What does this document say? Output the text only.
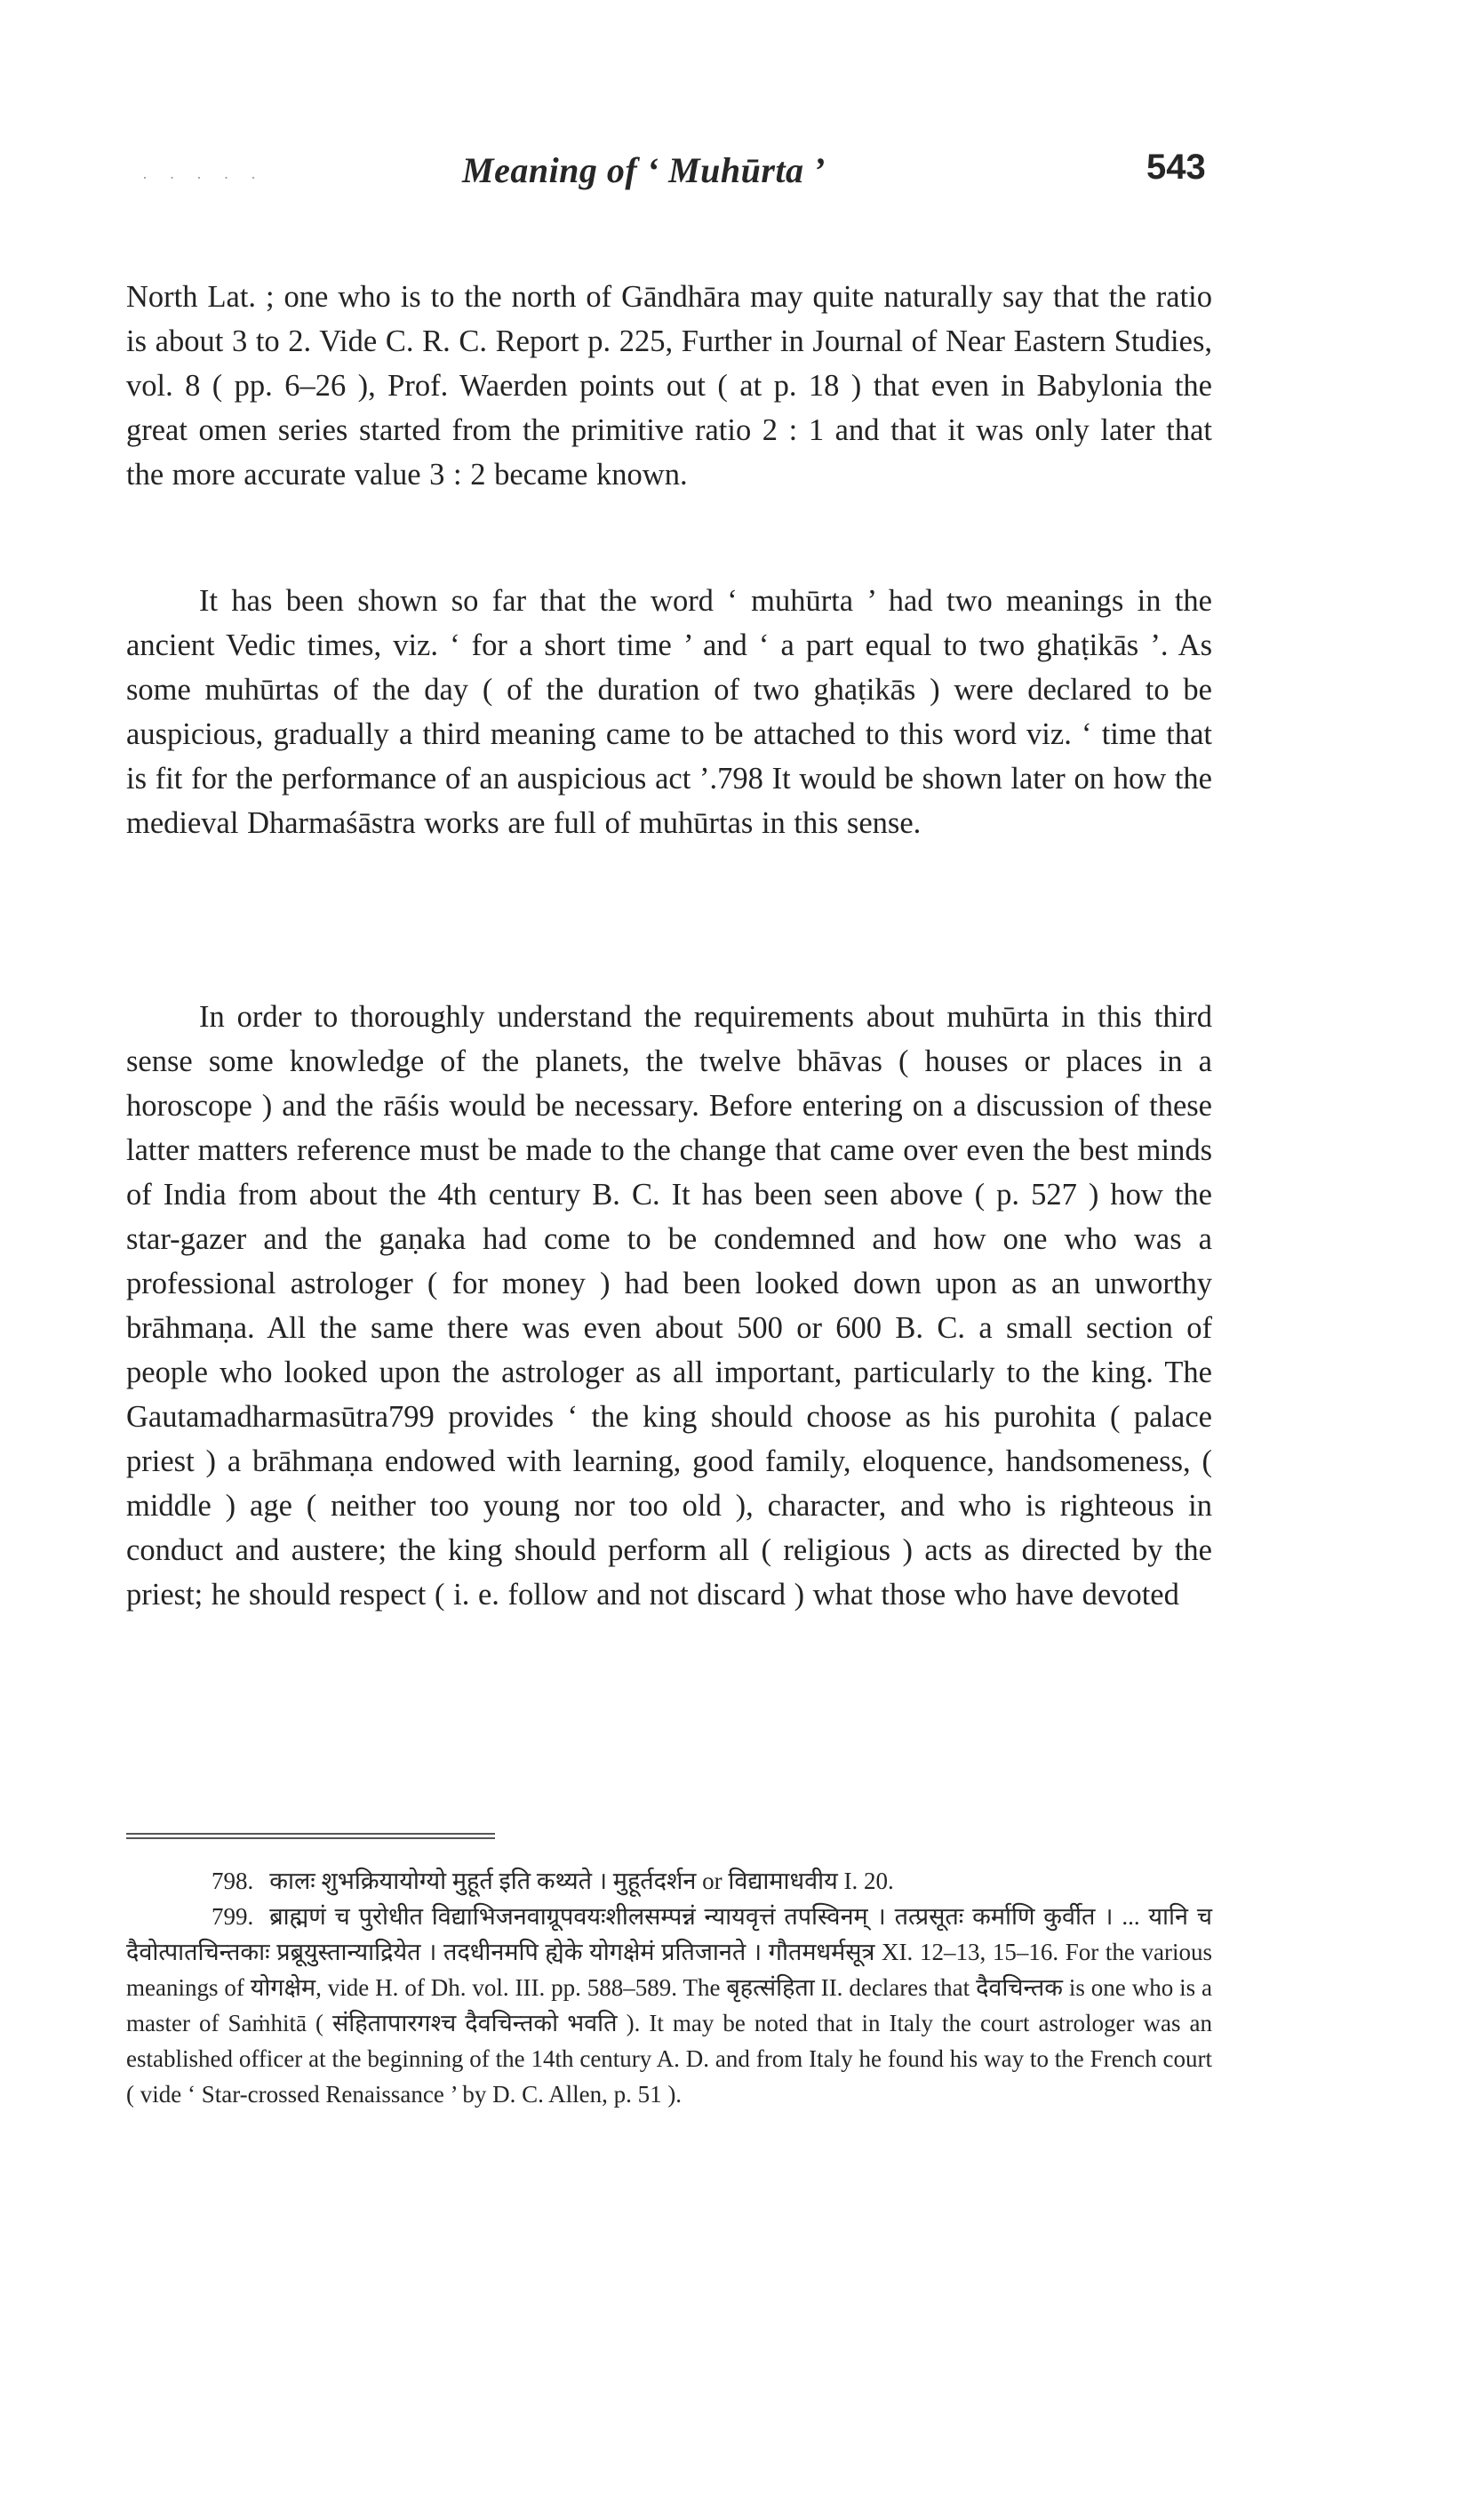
· · · · ·	Meaning of ‘ Muhūrta ’	543

North Lat. ; one who is to the north of Gāndhāra may quite naturally say that the ratio is about 3 to 2. Vide C. R. C. Report p. 225, Further in Journal of Near Eastern Studies, vol. 8 ( pp. 6–26 ), Prof. Waerden points out ( at p. 18 ) that even in Babylonia the great omen series started from the primitive ratio 2 : 1 and that it was only later that the more accurate value 3 : 2 became known.

It has been shown so far that the word ‘ muhūrta ’ had two meanings in the ancient Vedic times, viz. ‘ for a short time ’ and ‘ a part equal to two ghaṭikās ’. As some muhūrtas of the day ( of the duration of two ghaṭikās ) were declared to be auspicious, gradually a third meaning came to be attached to this word viz. ‘ time that is fit for the performance of an auspicious act ’.798 It would be shown later on how the medieval Dharmaśāstra works are full of muhūrtas in this sense.

In order to thoroughly understand the requirements about muhūrta in this third sense some knowledge of the planets, the twelve bhāvas ( houses or places in a horoscope ) and the rāśis would be necessary. Before entering on a discussion of these latter matters reference must be made to the change that came over even the best minds of India from about the 4th century B. C. It has been seen above ( p. 527 ) how the star-gazer and the gaṇaka had come to be condemned and how one who was a professional astrologer ( for money ) had been looked down upon as an unworthy brāhmaṇa. All the same there was even about 500 or 600 B. C. a small section of people who looked upon the astrologer as all important, particularly to the king. The Gautamadharmasūtra799 provides ‘ the king should choose as his purohita ( palace priest ) a brāhmaṇa endowed with learning, good family, eloquence, handsomeness, ( middle ) age ( neither too young nor too old ), character, and who is righteous in conduct and austere; the king should perform all ( religious ) acts as directed by the priest; he should respect ( i. e. follow and not discard ) what those who have devoted

798. कालः शुभक्रियायोग्यो मुहूर्त इति कथ्यते । मुहूर्तदर्शन or विद्यामाधवीय I. 20.
799. ब्राह्मणं च पुरोधीत विद्याभिजनवाग्रूपवयःशीलसम्पन्नं न्यायवृत्तं तपस्विनम् । तत्प्रसूतः कर्माणि कुर्वीत । ... यानि च दैवोत्पातचिन्तकाः प्रब्रूयुस्तान्याद्रियेत । तदधीनमपि ह्येके योगक्षेमं प्रतिजानते । गौतमधर्मसूत्र XI. 12–13, 15–16. For the various meanings of योगक्षेम, vide H. of Dh. vol. III. pp. 588–589. The बृहत्संहिता II. declares that दैवचिन्तक is one who is a master of Saṁhitā ( संहितापारगश्च दैवचिन्तको भवति ). It may be noted that in Italy the court astrologer was an established officer at the beginning of the 14th century A. D. and from Italy he found his way to the French court ( vide ‘ Star-crossed Renaissance ’ by D. C. Allen, p. 51 ).
